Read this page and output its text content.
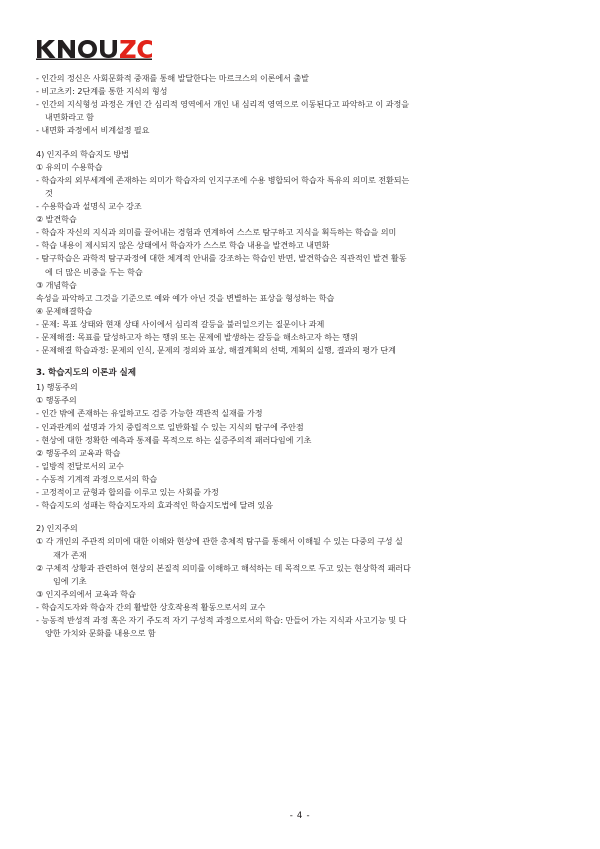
- 인간의 정신은 사회문화적 중재를 통해 발달한다는 마르크스의 이론에서 출발
- 비고츠키: 2단계를 통한 지식의 형성
- 인간의 지식형성 과정은 개인 간 심리적 영역에서 개인 내 심리적 영역으로 이동된다고 파악하고 이 과정을
내면화라고 함
- 내면화 과정에서 비계설정 필요
4) 인지주의 학습지도 방법
① 유의미 수용학습
- 학습자의 외부세계에 존재하는 의미가 학습자의 인지구조에 수용 병합되어 학습자 특유의 의미로 전환되는
것
- 수용학습과 설명식 교수 강조
② 발견학습
- 학습자 자신의 지식과 의미를 끌어내는 경험과 연계하여 스스로 탐구하고 지식을 획득하는 학습을 의미
- 학습 내용이 제시되지 않은 상태에서 학습자가 스스로 학습 내용을 발견하고 내면화
- 탐구학습은 과학적 탐구과정에 대한 체계적 안내를 강조하는 학습인 반면, 발견학습은 직관적인 발견 활동
에 더 많은 비중을 두는 학습
③ 개념학습
속성을 파악하고 그것을 기준으로 예와 예가 아닌 것을 변별하는 표상을 형성하는 학습
④ 문제해결학습
- 문제: 목표 상태와 현재 상태 사이에서 심리적 갈등을 불러일으키는 질문이나 과제
- 문제해결: 목표를 달성하고자 하는 행위 또는 문제에 발생하는 갈등을 해소하고자 하는 행위
- 문제해결 학습과정: 문제의 인식, 문제의 정의와 표상, 해결계획의 선택, 계획의 실행, 결과의 평가 단계
3. 학습지도의 이론과 실제
1) 행동주의
① 행동주의
- 인간 밖에 존재하는 유일하고도 검증 가능한 객관적 실재를 가정
- 인과관계의 설명과 가치 중립적으로 일반화될 수 있는 지식의 탐구에 주안점
- 현상에 대한 정확한 예측과 통제를 목적으로 하는 실증주의적 패러다임에 기초
② 행동주의 교육과 학습
- 일방적 전달로서의 교수
- 수동적 기계적 과정으로서의 학습
- 고정적이고 균형과 합의를 이루고 있는 사회를 가정
- 학습지도의 성패는 학습지도자의 효과적인 학습지도법에 달려 있음
2) 인지주의
① 각 개인의 주관적 의미에 대한 이해와 현상에 관한 총체적 탐구를 통해서 이해될 수 있는 다중의 구성 실
재가 존재
② 구체적 상황과 관련하여 현상의 본질적 의미를 이해하고 해석하는 데 목적으로 두고 있는 현상학적 패러다
임에 기초
③ 인지주의에서 교육과 학습
- 학습지도자와 학습자 간의 활발한 상호작용적 활동으로서의 교수
- 능동적 반성적 과정 혹은 자기 주도적 자기 구성적 과정으로서의 학습: 만들어 가는 지식과 사고기능 및 다
양한 가치와 문화를 내용으로 함
- 4 -
